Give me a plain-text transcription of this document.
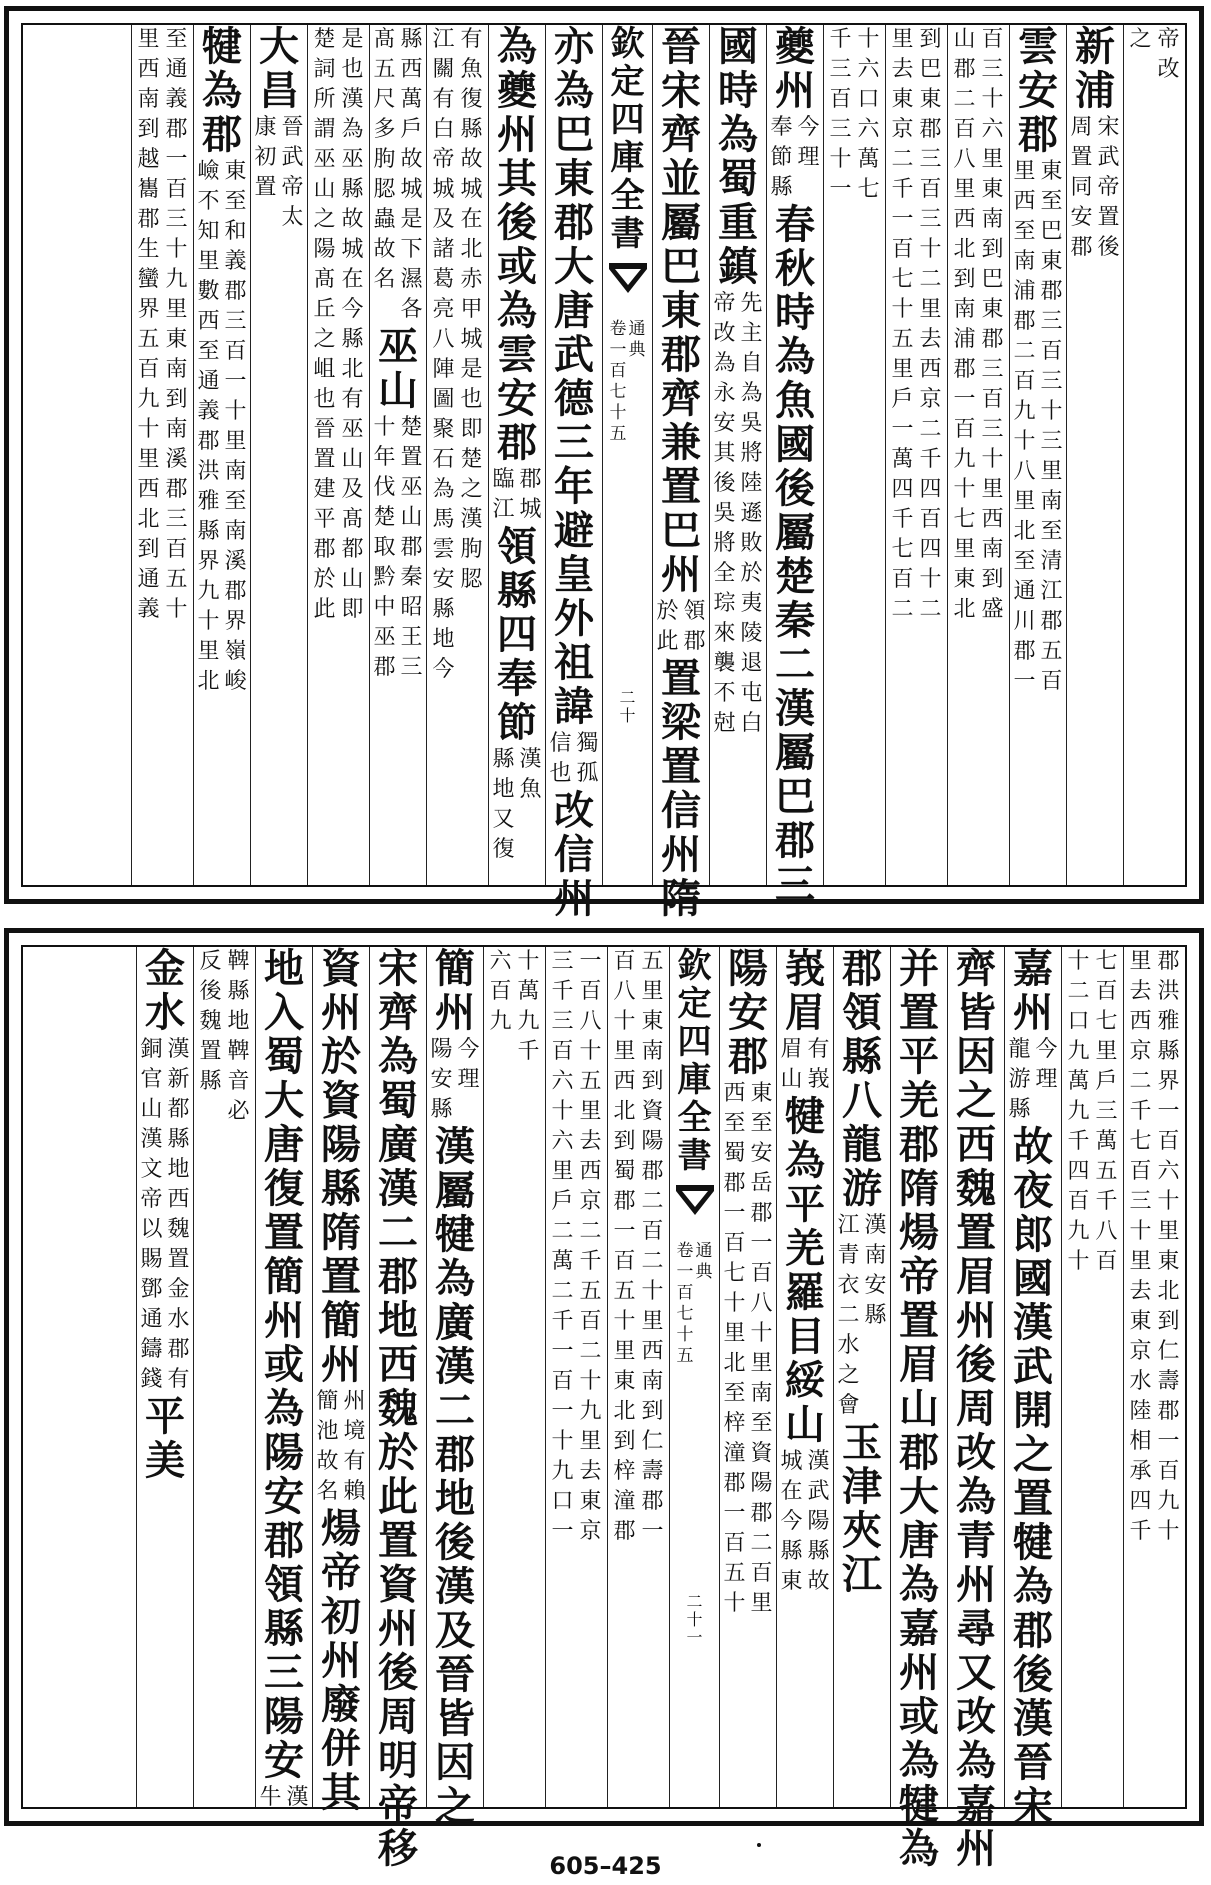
帝
改
之
新
浦
宋
武
帝
置
後
周
置
同
安
郡
雲
安
郡
東
至
巴
東
郡
三
百
三
十
三
里
南
至
清
江
郡
五
百
里
西
至
南
浦
郡
二
百
九
十
八
里
北
至
通
川
郡
一
百
三
十
六
里
東
南
到
巴
東
郡
三
百
三
十
里
西
南
到
盛
山
郡
二
百
八
里
西
北
到
南
浦
郡
一
百
九
十
七
里
東
北
到
巴
東
郡
三
百
三
十
二
里
去
西
京
二
千
四
百
四
十
二
里
去
東
京
二
千
一
百
七
十
五
里
戶
一
萬
四
千
七
百
二
十
六
口
六
萬
七
千
三
百
三
十
一
夔
州
今
理
奉
節
縣
春
秋
時
為
魚
國
後
屬
楚
秦
二
漢
屬
巴
郡
三
國
時
為
蜀
重
鎮
先
主
自
為
吳
將
陸
遜
敗
於
夷
陵
退
屯
白
帝
改
為
永
安
其
後
吳
將
全
琮
來
襲
不
尅
晉
宋
齊
並
屬
巴
東
郡
齊
兼
置
巴
州
領
郡
於
此
置
梁
置
信
州
隋
欽
定
四
庫
全
書
通
典
卷
一
百
七
十
五
二
十
亦
為
巴
東
郡
大
唐
武
德
三
年
避
皇
外
祖
諱
獨
孤
信
也
改
信
州
為
夔
州
其
後
或
為
雲
安
郡
郡
城
臨
江
領
縣
四
奉
節
漢
魚
縣
地
又
復
有
魚
復
縣
故
城
在
北
赤
甲
城
是
也
即
楚
之
漢
朐
䏰
江
關
有
白
帝
城
及
諸
葛
亮
八
陣
圖
聚
石
為
馬
雲
安
縣
地
今
縣
西
萬
戶
故
城
是
下
濕
各
髙
五
尺
多
朐
䏰
蟲
故
名
巫
山
楚
置
巫
山
郡
秦
昭
王
三
十
年
伐
楚
取
黔
中
巫
郡
是
也
漢
為
巫
縣
故
城
在
今
縣
北
有
巫
山
及
髙
都
山
即
楚
詞
所
謂
巫
山
之
陽
髙
丘
之
岨
也
晉
置
建
平
郡
於
此
大
昌
晉
武
帝
太
康
初
置
犍
為
郡
東
至
和
義
郡
三
百
一
十
里
南
至
南
溪
郡
界
嶺
峻
嶮
不
知
里
數
西
至
通
義
郡
洪
雅
縣
界
九
十
里
北
至
通
義
郡
一
百
三
十
九
里
東
南
到
南
溪
郡
三
百
五
十
里
西
南
到
越
巂
郡
生
蠻
界
五
百
九
十
里
西
北
到
通
義
郡
洪
雅
縣
界
一
百
六
十
里
東
北
到
仁
壽
郡
一
百
九
十
里
去
西
京
二
千
七
百
三
十
里
去
東
京
水
陸
相
承
四
千
七
百
七
里
戶
三
萬
五
千
八
百
十
二
口
九
萬
九
千
四
百
九
十
嘉
州
今
理
龍
游
縣
故
夜
郎
國
漢
武
開
之
置
犍
為
郡
後
漢
晉
宋
齊
皆
因
之
西
魏
置
眉
州
後
周
改
為
青
州
尋
又
改
為
嘉
州
并
置
平
羌
郡
隋
煬
帝
置
眉
山
郡
大
唐
為
嘉
州
或
為
犍
為
郡
領
縣
八
龍
游
漢
南
安
縣
江
青
衣
二
水
之
會
玉
津
夾
江
峩
眉
有
峩
眉
山
犍
為
平
羌
羅
目
綏
山
漢
武
陽
縣
故
城
在
今
縣
東
陽
安
郡
東
至
安
岳
郡
一
百
八
十
里
南
至
資
陽
郡
二
百
里
西
至
蜀
郡
一
百
七
十
里
北
至
梓
潼
郡
一
百
五
十
欽
定
四
庫
全
書
通
典
卷
一
百
七
十
五
二
十
一
五
里
東
南
到
資
陽
郡
二
百
二
十
里
西
南
到
仁
壽
郡
一
百
八
十
里
西
北
到
蜀
郡
一
百
五
十
里
東
北
到
梓
潼
郡
一
百
八
十
五
里
去
西
京
二
千
五
百
二
十
九
里
去
東
京
三
千
三
百
六
十
六
里
戶
二
萬
二
千
一
百
一
十
九
口
一
十
萬
九
千
六
百
九
簡
州
今
理
陽
安
縣
漢
屬
犍
為
廣
漢
二
郡
地
後
漢
及
晉
皆
因
之
宋
齊
為
蜀
廣
漢
二
郡
地
西
魏
於
此
置
資
州
後
周
明
帝
移
資
州
於
資
陽
縣
隋
置
簡
州
州
境
有
賴
簡
池
故
名
煬
帝
初
州
廢
併
其
地
入
蜀
大
唐
復
置
簡
州
或
為
陽
安
郡
領
縣
三
陽
安
漢
牛
鞞
縣
地
鞞
音
必
反
後
魏
置
縣
金
水
漢
新
都
縣
地
西
魏
置
金
水
郡
有
銅
官
山
漢
文
帝
以
賜
鄧
通
鑄
錢
平
美
605–425
